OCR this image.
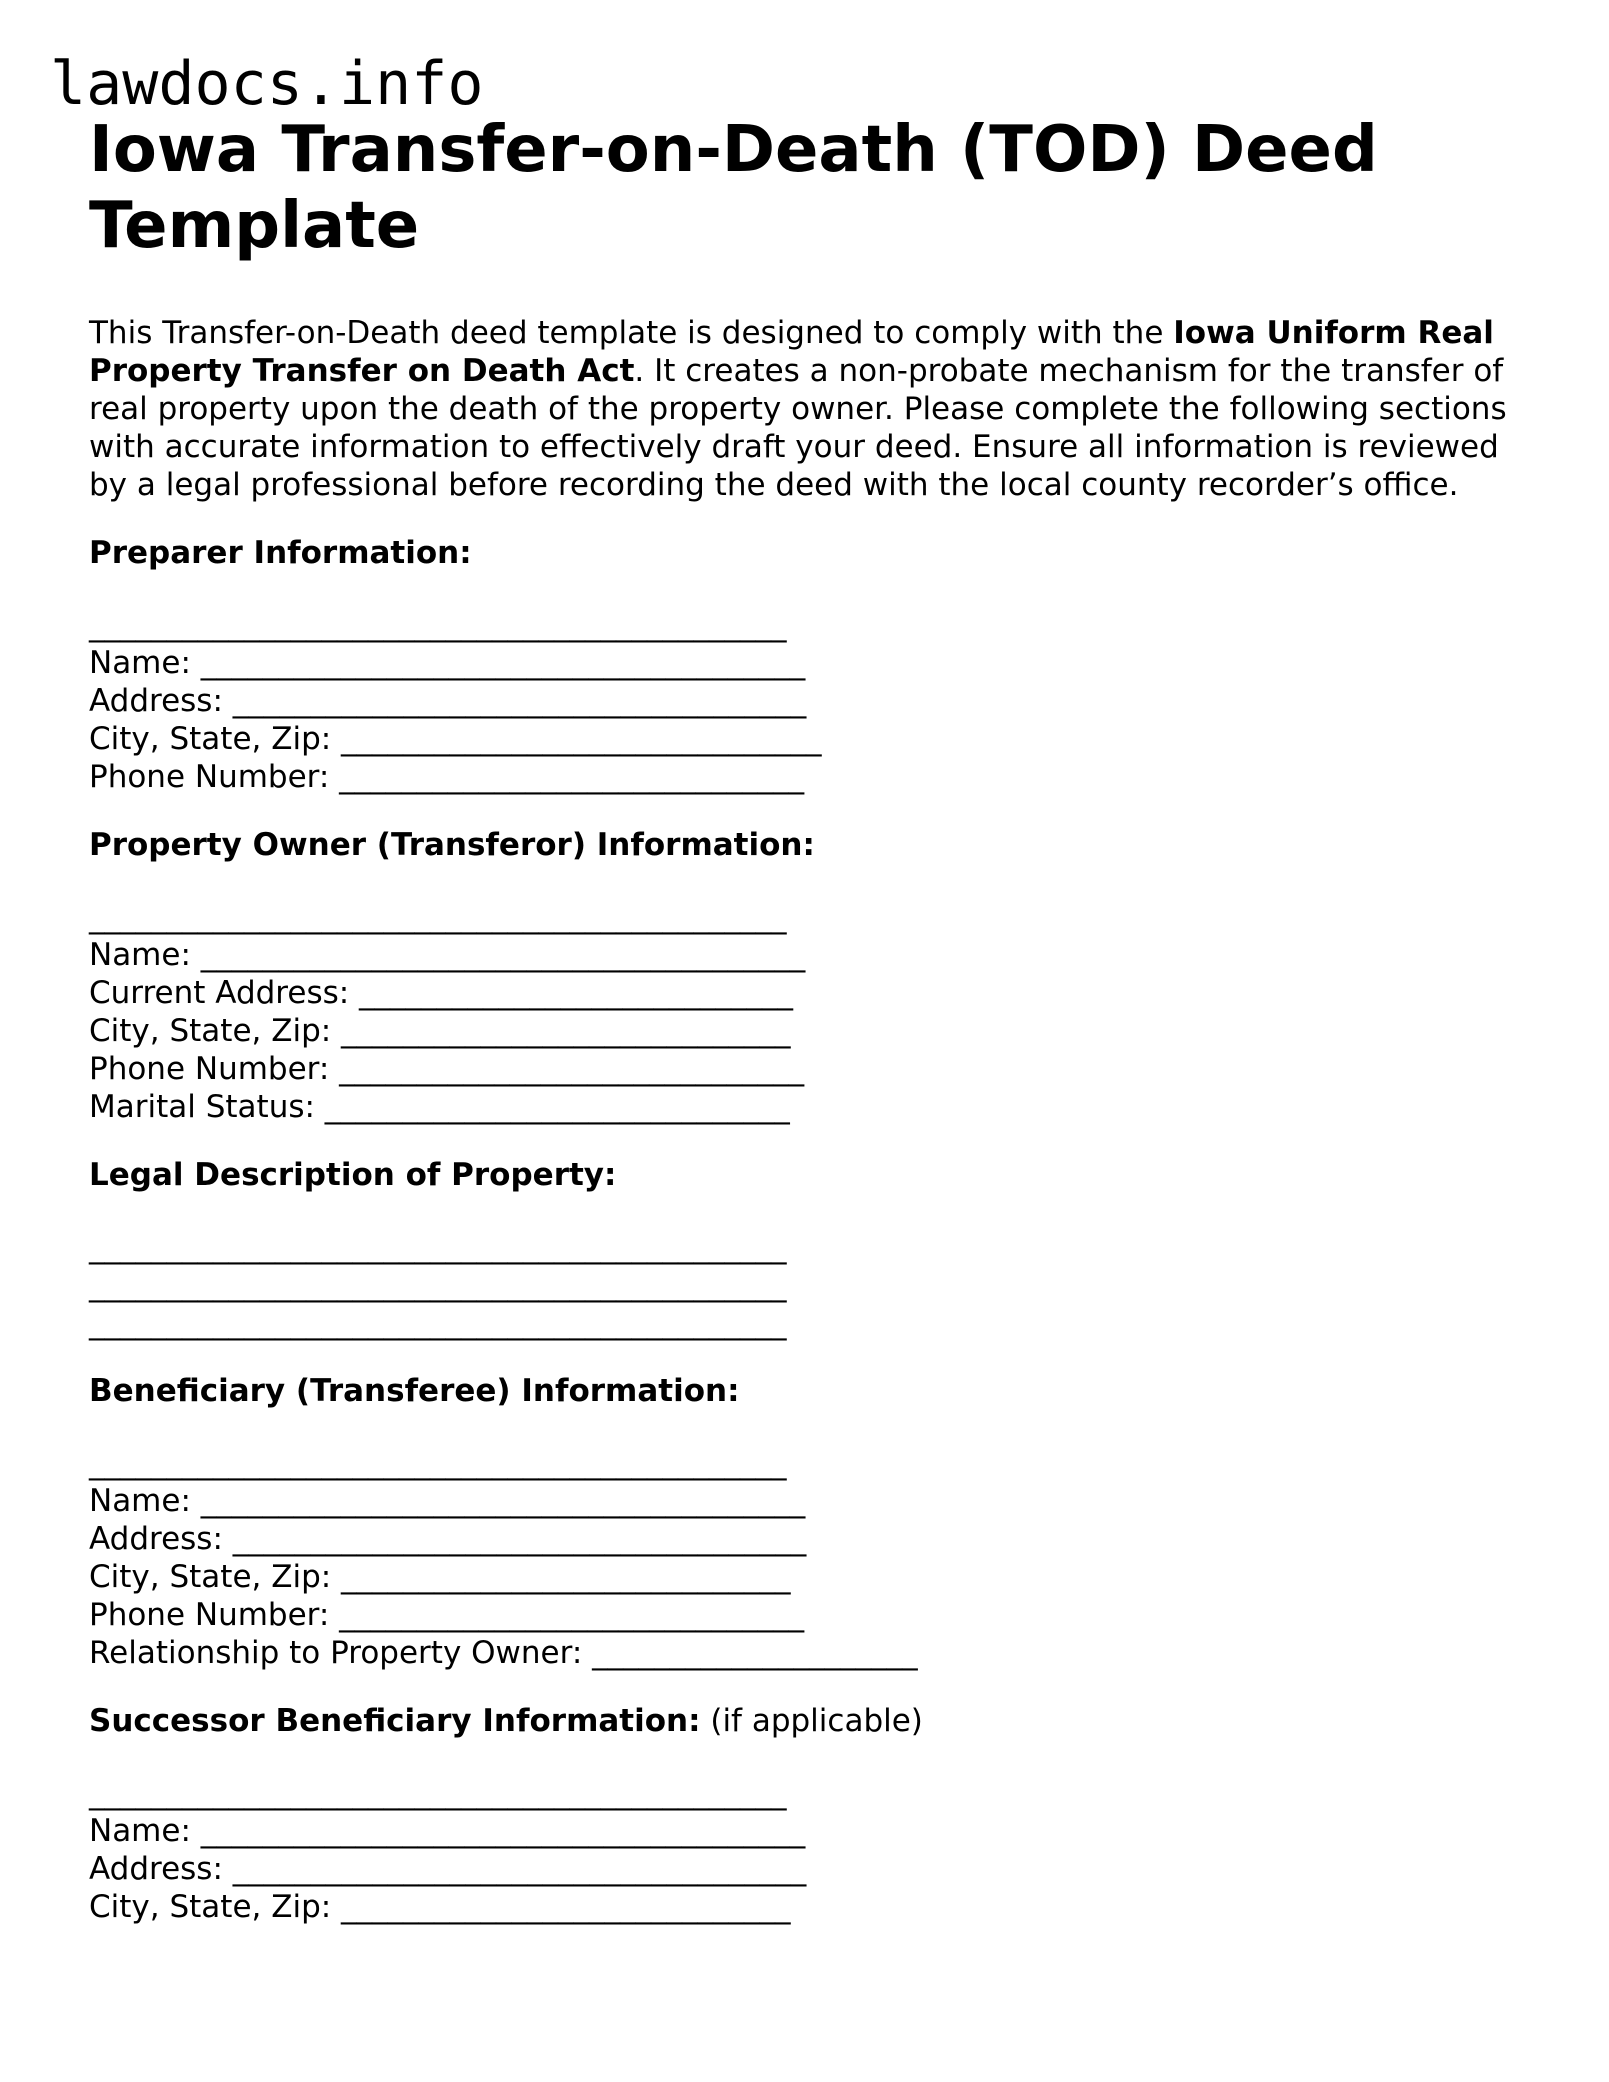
lawdocs.info
Iowa Transfer-on-Death (TOD) Deed Template

This Transfer-on-Death deed template is designed to comply with the Iowa Uniform Real Property Transfer on Death Act. It creates a non-probate mechanism for the transfer of real property upon the death of the property owner. Please complete the following sections with accurate information to effectively draft your deed. Ensure all information is reviewed by a legal professional before recording the deed with the local county recorder’s office.

Preparer Information:
_____________________________________________
Name: _______________________________________
Address: _____________________________________
City, State, Zip: _______________________________
Phone Number: ______________________________
Property Owner (Transferor) Information:
_____________________________________________
Name: _______________________________________
Current Address: ____________________________
City, State, Zip: _____________________________
Phone Number: ______________________________
Marital Status: ______________________________
Legal Description of Property:
_____________________________________________
_____________________________________________
_____________________________________________
Beneficiary (Transferee) Information:
_____________________________________________
Name: _______________________________________
Address: _____________________________________
City, State, Zip: _____________________________
Phone Number: ______________________________
Relationship to Property Owner: _____________________
Successor Beneficiary Information: (if applicable)
_____________________________________________
Name: _______________________________________
Address: _____________________________________
City, State, Zip: _____________________________
